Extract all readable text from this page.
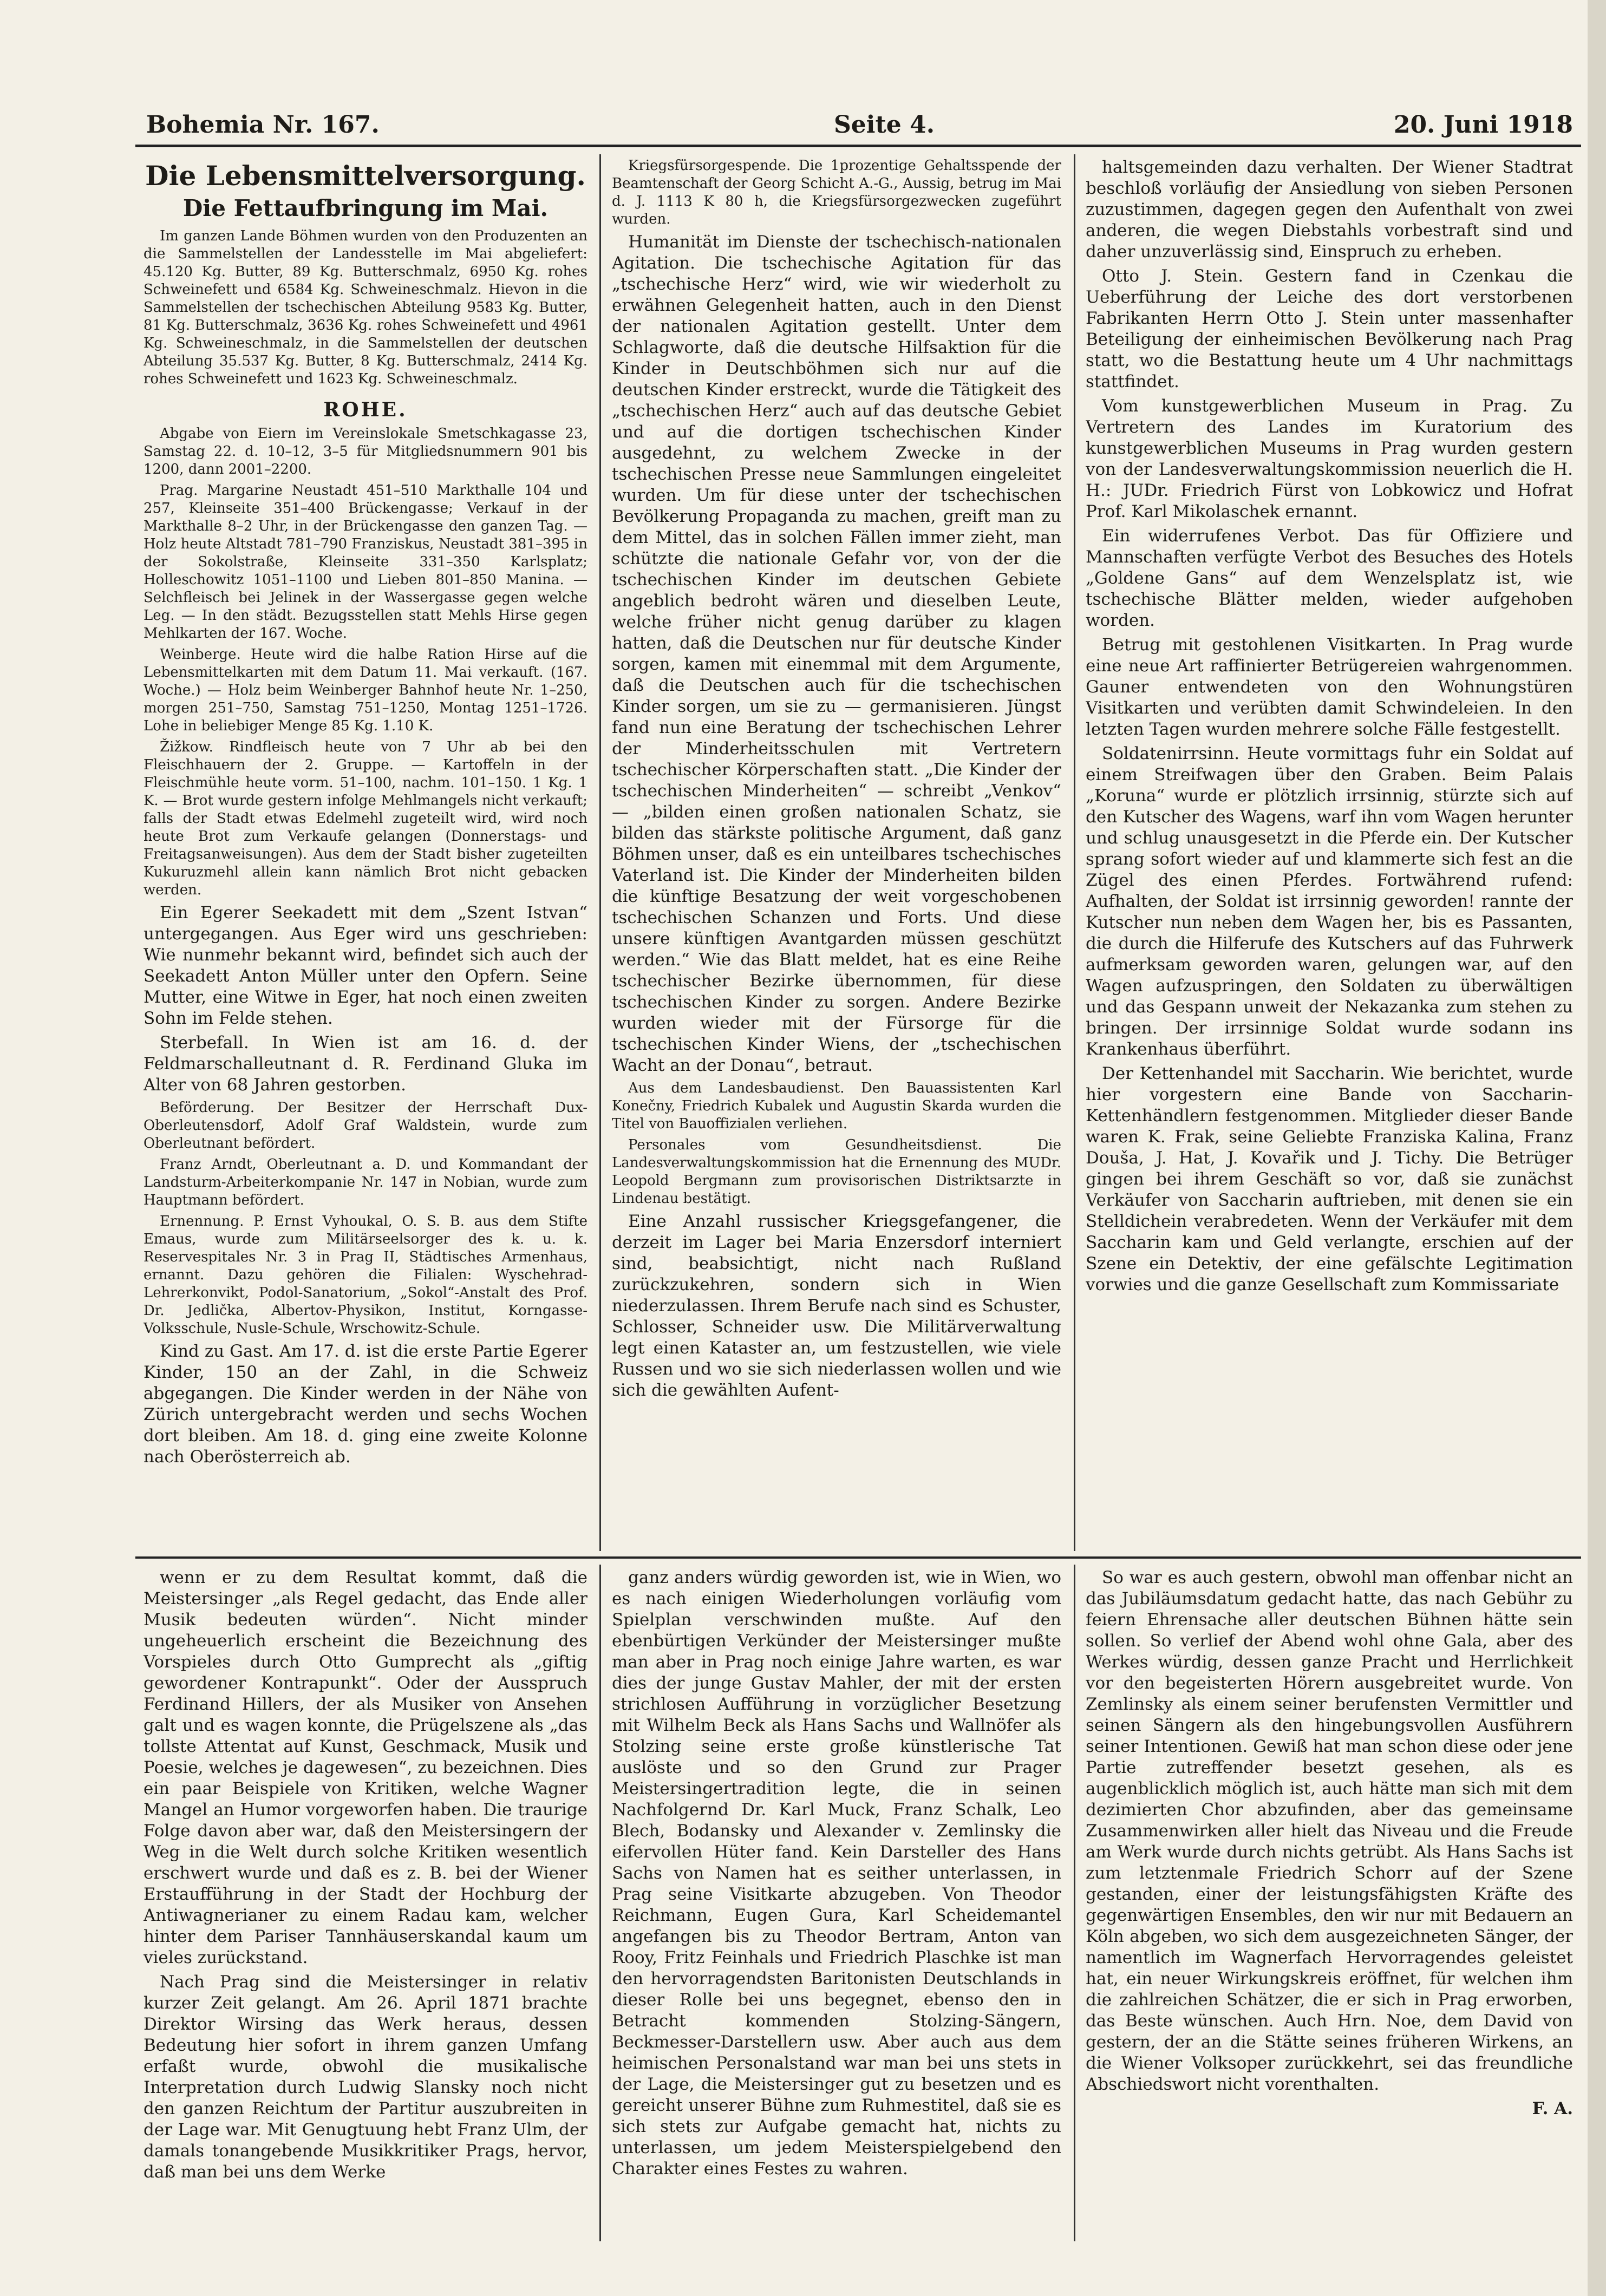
Bohemia Nr. 167.	Seite 4.	20. Juni 1918
Die Lebensmittelversorgung.
Die Fettaufbringung im Mai.

Im ganzen Lande Böhmen wurden von den Produzenten an die Sammelstellen der Landesstelle im Mai abgeliefert: 45.120 Kg. Butter, 89 Kg. Butterschmalz, 6950 Kg. rohes Schweinefett und 6584 Kg. Schweineschmalz. Hievon in die Sammelstellen der tschechischen Abteilung 9583 Kg. Butter, 81 Kg. Butterschmalz, 3636 Kg. rohes Schweinefett und 4961 Kg. Schweineschmalz, in die Sammelstellen der deutschen Abteilung 35.537 Kg. Butter, 8 Kg. Butterschmalz, 2414 Kg. rohes Schweinefett und 1623 Kg. Schweineschmalz.

ROHE.

Abgabe von Eiern im Vereinslokale Smetschkagasse 23, Samstag 22. d. 10–12, 3–5 für Mitgliedsnummern 901 bis 1200, dann 2001–2200.

Prag. Margarine Neustadt 451–510 Markthalle 104 und 257, Kleinseite 351–400 Brückengasse; Verkauf in der Markthalle 8–2 Uhr, in der Brückengasse den ganzen Tag. — Holz heute Altstadt 781–790 Franziskus, Neustadt 381–395 in der Sokolstraße, Kleinseite 331–350 Karlsplatz; Holleschowitz 1051–1100 und Lieben 801–850 Manina. — Selchfleisch bei Jelinek in der Wassergasse gegen welche Leg. — In den städt. Bezugsstellen statt Mehls Hirse gegen Mehlkarten der 167. Woche.

Weinberge. Heute wird die halbe Ration Hirse auf die Lebensmittelkarten mit dem Datum 11. Mai verkauft. (167. Woche.) — Holz beim Weinberger Bahnhof heute Nr. 1–250, morgen 251–750, Samstag 751–1250, Montag 1251–1726. Lohe in beliebiger Menge 85 Kg. 1.10 K.

Žižkow. Rindfleisch heute von 7 Uhr ab bei den Fleischhauern der 2. Gruppe. — Kartoffeln in der Fleischmühle heute vorm. 51–100, nachm. 101–150. 1 Kg. 1 K. — Brot wurde gestern infolge Mehlmangels nicht verkauft; falls der Stadt etwas Edelmehl zugeteilt wird, wird noch heute Brot zum Verkaufe gelangen (Donnerstags- und Freitagsanweisungen). Aus dem der Stadt bisher zugeteilten Kukuruzmehl allein kann nämlich Brot nicht gebacken werden.

Ein Egerer Seekadett mit dem „Szent Istvan“ untergegangen. Aus Eger wird uns geschrieben: Wie nunmehr bekannt wird, befindet sich auch der Seekadett Anton Müller unter den Opfern. Seine Mutter, eine Witwe in Eger, hat noch einen zweiten Sohn im Felde stehen.

Sterbefall. In Wien ist am 16. d. der Feldmarschalleutnant d. R. Ferdinand Gluka im Alter von 68 Jahren gestorben.

Beförderung. Der Besitzer der Herrschaft Dux-Oberleutensdorf, Adolf Graf Waldstein, wurde zum Oberleutnant befördert.

Franz Arndt, Oberleutnant a. D. und Kommandant der Landsturm-Arbeiterkompanie Nr. 147 in Nobian, wurde zum Hauptmann befördert.

Ernennung. P. Ernst Vyhoukal, O. S. B. aus dem Stifte Emaus, wurde zum Militärseelsorger des k. u. k. Reservespitales Nr. 3 in Prag II, Städtisches Armenhaus, ernannt. Dazu gehören die Filialen: Wyschehrad-Lehrerkonvikt, Podol-Sanatorium, „Sokol“-Anstalt des Prof. Dr. Jedlička, Albertov-Physikon, Institut, Korngasse-Volksschule, Nusle-Schule, Wrschowitz-Schule.

Kind zu Gast. Am 17. d. ist die erste Partie Egerer Kinder, 150 an der Zahl, in die Schweiz abgegangen. Die Kinder werden in der Nähe von Zürich untergebracht werden und sechs Wochen dort bleiben. Am 18. d. ging eine zweite Kolonne nach Oberösterreich ab.

Kriegsfürsorgespende. Die 1prozentige Gehaltsspende der Beamtenschaft der Georg Schicht A.-G., Aussig, betrug im Mai d. J. 1113 K 80 h, die Kriegsfürsorgezwecken zugeführt wurden.

Humanität im Dienste der tschechisch-nationalen Agitation. Die tschechische Agitation für das „tschechische Herz“ wird, wie wir wiederholt zu erwähnen Gelegenheit hatten, auch in den Dienst der nationalen Agitation gestellt. Unter dem Schlagworte, daß die deutsche Hilfsaktion für die Kinder in Deutschböhmen sich nur auf die deutschen Kinder erstreckt, wurde die Tätigkeit des „tschechischen Herz“ auch auf das deutsche Gebiet und auf die dortigen tschechischen Kinder ausgedehnt, zu welchem Zwecke in der tschechischen Presse neue Sammlungen eingeleitet wurden. Um für diese unter der tschechischen Bevölkerung Propaganda zu machen, greift man zu dem Mittel, das in solchen Fällen immer zieht, man schützte die nationale Gefahr vor, von der die tschechischen Kinder im deutschen Gebiete angeblich bedroht wären und dieselben Leute, welche früher nicht genug darüber zu klagen hatten, daß die Deutschen nur für deutsche Kinder sorgen, kamen mit einemmal mit dem Argumente, daß die Deutschen auch für die tschechischen Kinder sorgen, um sie zu — germanisieren. Jüngst fand nun eine Beratung der tschechischen Lehrer der Minderheitsschulen mit Vertretern tschechischer Körperschaften statt. „Die Kinder der tschechischen Minderheiten“ — schreibt „Venkov“ — „bilden einen großen nationalen Schatz, sie bilden das stärkste politische Argument, daß ganz Böhmen unser, daß es ein unteilbares tschechisches Vaterland ist. Die Kinder der Minderheiten bilden die künftige Besatzung der weit vorgeschobenen tschechischen Schanzen und Forts. Und diese unsere künftigen Avantgarden müssen geschützt werden.“ Wie das Blatt meldet, hat es eine Reihe tschechischer Bezirke übernommen, für diese tschechischen Kinder zu sorgen. Andere Bezirke wurden wieder mit der Fürsorge für die tschechischen Kinder Wiens, der „tschechischen Wacht an der Donau“, betraut.

Aus dem Landesbaudienst. Den Bauassistenten Karl Konečny, Friedrich Kubalek und Augustin Skarda wurden die Titel von Bauoffizialen verliehen.

Personales vom Gesundheitsdienst. Die Landesverwaltungskommission hat die Ernennung des MUDr. Leopold Bergmann zum provisorischen Distriktsarzte in Lindenau bestätigt.

Eine Anzahl russischer Kriegsgefangener, die derzeit im Lager bei Maria Enzersdorf interniert sind, beabsichtigt, nicht nach Rußland zurückzukehren, sondern sich in Wien niederzulassen. Ihrem Berufe nach sind es Schuster, Schlosser, Schneider usw. Die Militärverwaltung legt einen Kataster an, um festzustellen, wie viele Russen und wo sie sich niederlassen wollen und wie sich die gewählten Aufent-

haltsgemeinden dazu verhalten. Der Wiener Stadtrat beschloß vorläufig der Ansiedlung von sieben Personen zuzustimmen, dagegen gegen den Aufenthalt von zwei anderen, die wegen Diebstahls vorbestraft sind und daher unzuverlässig sind, Einspruch zu erheben.

Otto J. Stein. Gestern fand in Czenkau die Ueberführung der Leiche des dort verstorbenen Fabrikanten Herrn Otto J. Stein unter massenhafter Beteiligung der einheimischen Bevölkerung nach Prag statt, wo die Bestattung heute um 4 Uhr nachmittags stattfindet.

Vom kunstgewerblichen Museum in Prag. Zu Vertretern des Landes im Kuratorium des kunstgewerblichen Museums in Prag wurden gestern von der Landesverwaltungskommission neuerlich die H. H.: JUDr. Friedrich Fürst von Lobkowicz und Hofrat Prof. Karl Mikolaschek ernannt.

Ein widerrufenes Verbot. Das für Offiziere und Mannschaften verfügte Verbot des Besuches des Hotels „Goldene Gans“ auf dem Wenzelsplatz ist, wie tschechische Blätter melden, wieder aufgehoben worden.

Betrug mit gestohlenen Visitkarten. In Prag wurde eine neue Art raffinierter Betrügereien wahrgenommen. Gauner entwendeten von den Wohnungstüren Visitkarten und verübten damit Schwindeleien. In den letzten Tagen wurden mehrere solche Fälle festgestellt.

Soldatenirrsinn. Heute vormittags fuhr ein Soldat auf einem Streifwagen über den Graben. Beim Palais „Koruna“ wurde er plötzlich irrsinnig, stürzte sich auf den Kutscher des Wagens, warf ihn vom Wagen herunter und schlug unausgesetzt in die Pferde ein. Der Kutscher sprang sofort wieder auf und klammerte sich fest an die Zügel des einen Pferdes. Fortwährend rufend: Aufhalten, der Soldat ist irrsinnig geworden! rannte der Kutscher nun neben dem Wagen her, bis es Passanten, die durch die Hilferufe des Kutschers auf das Fuhrwerk aufmerksam geworden waren, gelungen war, auf den Wagen aufzuspringen, den Soldaten zu überwältigen und das Gespann unweit der Nekazanka zum stehen zu bringen. Der irrsinnige Soldat wurde sodann ins Krankenhaus überführt.

Der Kettenhandel mit Saccharin. Wie berichtet, wurde hier vorgestern eine Bande von Saccharin-Kettenhändlern festgenommen. Mitglieder dieser Bande waren K. Frak, seine Geliebte Franziska Kalina, Franz Douša, J. Hat, J. Kovařik und J. Tichy. Die Betrüger gingen bei ihrem Geschäft so vor, daß sie zunächst Verkäufer von Saccharin auftrieben, mit denen sie ein Stelldichein verabredeten. Wenn der Verkäufer mit dem Saccharin kam und Geld verlangte, erschien auf der Szene ein Detektiv, der eine gefälschte Legitimation vorwies und die ganze Gesellschaft zum Kommissariate

wenn er zu dem Resultat kommt, daß die Meistersinger „als Regel gedacht, das Ende aller Musik bedeuten würden“. Nicht minder ungeheuerlich erscheint die Bezeichnung des Vorspieles durch Otto Gumprecht als „giftig gewordener Kontrapunkt“. Oder der Ausspruch Ferdinand Hillers, der als Musiker von Ansehen galt und es wagen konnte, die Prügelszene als „das tollste Attentat auf Kunst, Geschmack, Musik und Poesie, welches je dagewesen“, zu bezeichnen. Dies ein paar Beispiele von Kritiken, welche Wagner Mangel an Humor vorgeworfen haben. Die traurige Folge davon aber war, daß den Meistersingern der Weg in die Welt durch solche Kritiken wesentlich erschwert wurde und daß es z. B. bei der Wiener Erstaufführung in der Stadt der Hochburg der Antiwagnerianer zu einem Radau kam, welcher hinter dem Pariser Tannhäuserskandal kaum um vieles zurückstand.

Nach Prag sind die Meistersinger in relativ kurzer Zeit gelangt. Am 26. April 1871 brachte Direktor Wirsing das Werk heraus, dessen Bedeutung hier sofort in ihrem ganzen Umfang erfaßt wurde, obwohl die musikalische Interpretation durch Ludwig Slansky noch nicht den ganzen Reichtum der Partitur auszubreiten in der Lage war. Mit Genugtuung hebt Franz Ulm, der damals tonangebende Musikkritiker Prags, hervor, daß man bei uns dem Werke

ganz anders würdig geworden ist, wie in Wien, wo es nach einigen Wiederholungen vorläufig vom Spielplan verschwinden mußte. Auf den ebenbürtigen Verkünder der Meistersinger mußte man aber in Prag noch einige Jahre warten, es war dies der junge Gustav Mahler, der mit der ersten strichlosen Aufführung in vorzüglicher Besetzung mit Wilhelm Beck als Hans Sachs und Wallnöfer als Stolzing seine erste große künstlerische Tat auslöste und so den Grund zur Prager Meistersingertradition legte, die in seinen Nachfolgernd Dr. Karl Muck, Franz Schalk, Leo Blech, Bodansky und Alexander v. Zemlinsky die eifervollen Hüter fand. Kein Darsteller des Hans Sachs von Namen hat es seither unterlassen, in Prag seine Visitkarte abzugeben. Von Theodor Reichmann, Eugen Gura, Karl Scheidemantel angefangen bis zu Theodor Bertram, Anton van Rooy, Fritz Feinhals und Friedrich Plaschke ist man den hervorragendsten Baritonisten Deutschlands in dieser Rolle bei uns begegnet, ebenso den in Betracht kommenden Stolzing-Sängern, Beckmesser-Darstellern usw. Aber auch aus dem heimischen Personalstand war man bei uns stets in der Lage, die Meistersinger gut zu besetzen und es gereicht unserer Bühne zum Ruhmestitel, daß sie es sich stets zur Aufgabe gemacht hat, nichts zu unterlassen, um jedem Meisterspielgebend den Charakter eines Festes zu wahren.

So war es auch gestern, obwohl man offenbar nicht an das Jubiläumsdatum gedacht hatte, das nach Gebühr zu feiern Ehrensache aller deutschen Bühnen hätte sein sollen. So verlief der Abend wohl ohne Gala, aber des Werkes würdig, dessen ganze Pracht und Herrlichkeit vor den begeisterten Hörern ausgebreitet wurde. Von Zemlinsky als einem seiner berufensten Vermittler und seinen Sängern als den hingebungsvollen Ausführern seiner Intentionen. Gewiß hat man schon diese oder jene Partie zutreffender besetzt gesehen, als es augenblicklich möglich ist, auch hätte man sich mit dem dezimierten Chor abzufinden, aber das gemeinsame Zusammenwirken aller hielt das Niveau und die Freude am Werk wurde durch nichts getrübt. Als Hans Sachs ist zum letztenmale Friedrich Schorr auf der Szene gestanden, einer der leistungsfähigsten Kräfte des gegenwärtigen Ensembles, den wir nur mit Bedauern an Köln abgeben, wo sich dem ausgezeichneten Sänger, der namentlich im Wagnerfach Hervorragendes geleistet hat, ein neuer Wirkungskreis eröffnet, für welchen ihm die zahlreichen Schätzer, die er sich in Prag erworben, das Beste wünschen. Auch Hrn. Noe, dem David von gestern, der an die Stätte seines früheren Wirkens, an die Wiener Volksoper zurückkehrt, sei das freundliche Abschiedswort nicht vorenthalten.

F. A.
